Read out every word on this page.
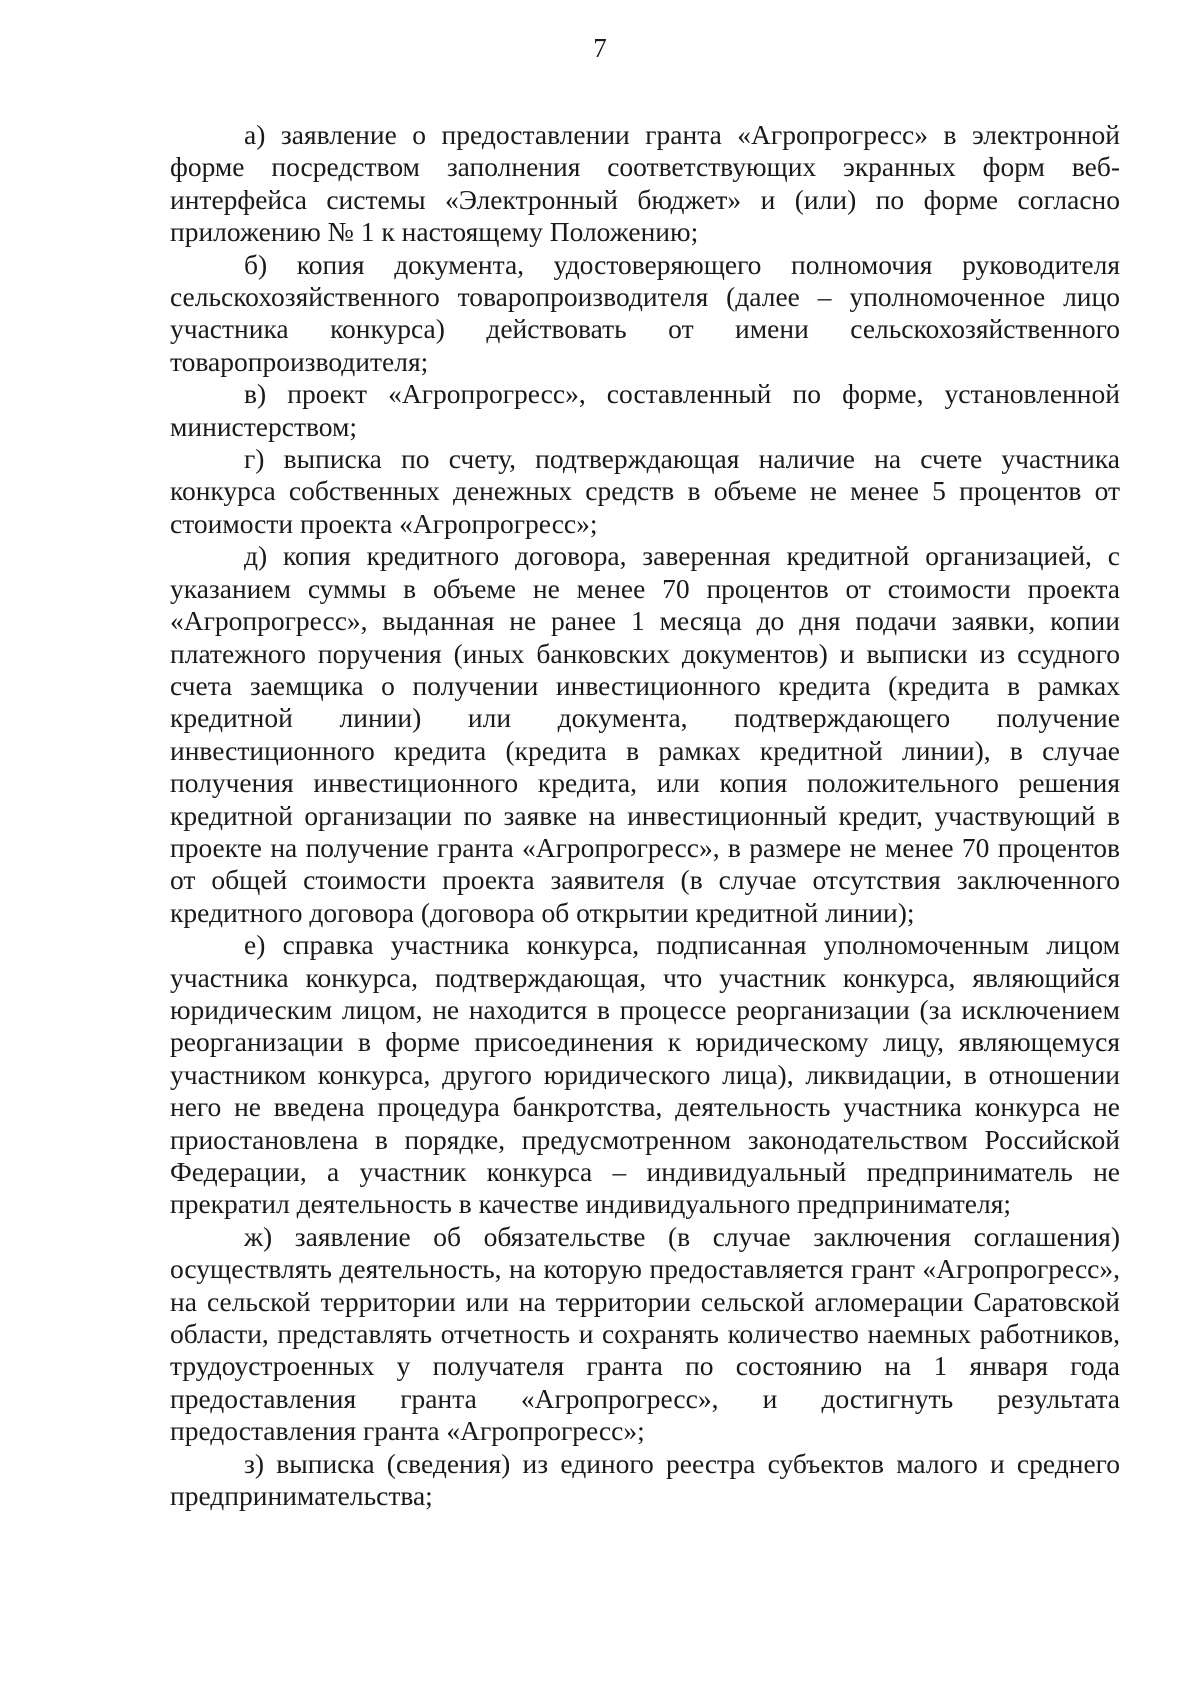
7

а) заявление о предоставлении гранта «Агропрогресс» в электронной форме посредством заполнения соответствующих экранных форм веб-интерфейса системы «Электронный бюджет» и (или) по форме согласно приложению № 1 к настоящему Положению;

б) копия документа, удостоверяющего полномочия руководителя сельскохозяйственного товаропроизводителя (далее – уполномоченное лицо участника конкурса) действовать от имени сельскохозяйственного товаропроизводителя;

в) проект «Агропрогресс», составленный по форме, установленной министерством;

г) выписка по счету, подтверждающая наличие на счете участника конкурса собственных денежных средств в объеме не менее 5 процентов от стоимости проекта «Агропрогресс»;

д) копия кредитного договора, заверенная кредитной организацией, с указанием суммы в объеме не менее 70 процентов от стоимости проекта «Агропрогресс», выданная не ранее 1 месяца до дня подачи заявки, копии платежного поручения (иных банковских документов) и выписки из ссудного счета заемщика о получении инвестиционного кредита (кредита в рамках кредитной линии) или документа, подтверждающего получение инвестиционного кредита (кредита в рамках кредитной линии), в случае получения инвестиционного кредита, или копия положительного решения кредитной организации по заявке на инвестиционный кредит, участвующий в проекте на получение гранта «Агропрогресс», в размере не менее 70 процентов от общей стоимости проекта заявителя (в случае отсутствия заключенного кредитного договора (договора об открытии кредитной линии);

е) справка участника конкурса, подписанная уполномоченным лицом участника конкурса, подтверждающая, что участник конкурса, являющийся юридическим лицом, не находится в процессе реорганизации (за исключением реорганизации в форме присоединения к юридическому лицу, являющемуся участником конкурса, другого юридического лица), ликвидации, в отношении него не введена процедура банкротства, деятельность участника конкурса не приостановлена в порядке, предусмотренном законодательством Российской Федерации, а участник конкурса – индивидуальный предприниматель не прекратил деятельность в качестве индивидуального предпринимателя;

ж) заявление об обязательстве (в случае заключения соглашения) осуществлять деятельность, на которую предоставляется грант «Агропрогресс», на сельской территории или на территории сельской агломерации Саратовской области, представлять отчетность и сохранять количество наемных работников, трудоустроенных у получателя гранта по состоянию на 1 января года предоставления гранта «Агропрогресс», и достигнуть результата предоставления гранта «Агропрогресс»;

з) выписка (сведения) из единого реестра субъектов малого и среднего предпринимательства;
